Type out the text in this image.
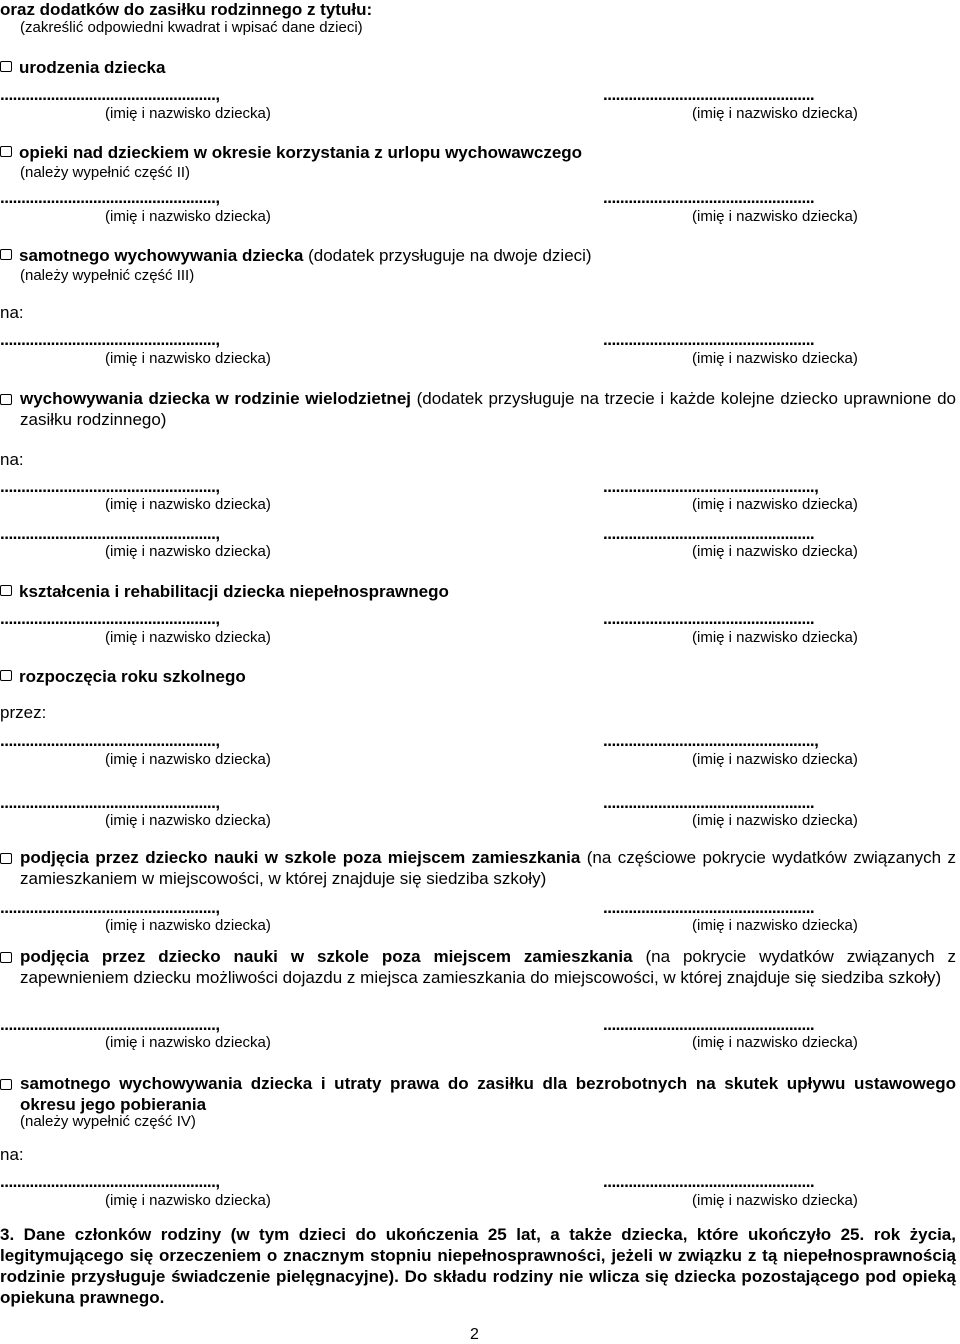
oraz dodatków do zasiłku rodzinnego z tytułu:
(zakreślić odpowiedni kwadrat i wpisać dane dzieci)
urodzenia dziecka
...................................................,	..................................................
(imię i nazwisko dziecka)	(imię i nazwisko dziecka)
opieki nad dzieckiem w okresie korzystania z urlopu wychowawczego
(należy wypełnić część II)
...................................................,	..................................................
(imię i nazwisko dziecka)	(imię i nazwisko dziecka)
samotnego wychowywania dziecka (dodatek przysługuje na dwoje dzieci)
(należy wypełnić część III)
na:
...................................................,	..................................................
(imię i nazwisko dziecka)	(imię i nazwisko dziecka)
wychowywania dziecka w rodzinie wielodzietnej (dodatek przysługuje na trzecie i każde kolejne dziecko uprawnione do zasiłku rodzinnego)
na:
...................................................,	..................................................,
(imię i nazwisko dziecka)	(imię i nazwisko dziecka)
...................................................,	..................................................
(imię i nazwisko dziecka)	(imię i nazwisko dziecka)
kształcenia i rehabilitacji dziecka niepełnosprawnego
...................................................,	..................................................
(imię i nazwisko dziecka)	(imię i nazwisko dziecka)
rozpoczęcia roku szkolnego
przez:
...................................................,	..................................................,
(imię i nazwisko dziecka)	(imię i nazwisko dziecka)
...................................................,	..................................................
(imię i nazwisko dziecka)	(imię i nazwisko dziecka)
podjęcia przez dziecko nauki w szkole poza miejscem zamieszkania (na częściowe pokrycie wydatków związanych z zamieszkaniem w miejscowości, w której znajduje się siedziba szkoły)
...................................................,	..................................................
(imię i nazwisko dziecka)	(imię i nazwisko dziecka)
podjęcia przez dziecko nauki w szkole poza miejscem zamieszkania (na pokrycie wydatków związanych z zapewnieniem dziecku możliwości dojazdu z miejsca zamieszkania do miejscowości, w której znajduje się siedziba szkoły)
...................................................,	..................................................
(imię i nazwisko dziecka)	(imię i nazwisko dziecka)
samotnego wychowywania dziecka i utraty prawa do zasiłku dla bezrobotnych na skutek upływu ustawowego okresu jego pobierania
(należy wypełnić część IV)
na:
...................................................,	..................................................
(imię i nazwisko dziecka)	(imię i nazwisko dziecka)
3. Dane członków rodziny (w tym dzieci do ukończenia 25 lat, a także dziecka, które ukończyło 25. rok życia, legitymującego się orzeczeniem o znacznym stopniu niepełnosprawności, jeżeli w związku z tą niepełnosprawnością rodzinie przysługuje świadczenie pielęgnacyjne). Do składu rodziny nie wlicza się dziecka pozostającego pod opieką opiekuna prawnego.
2
